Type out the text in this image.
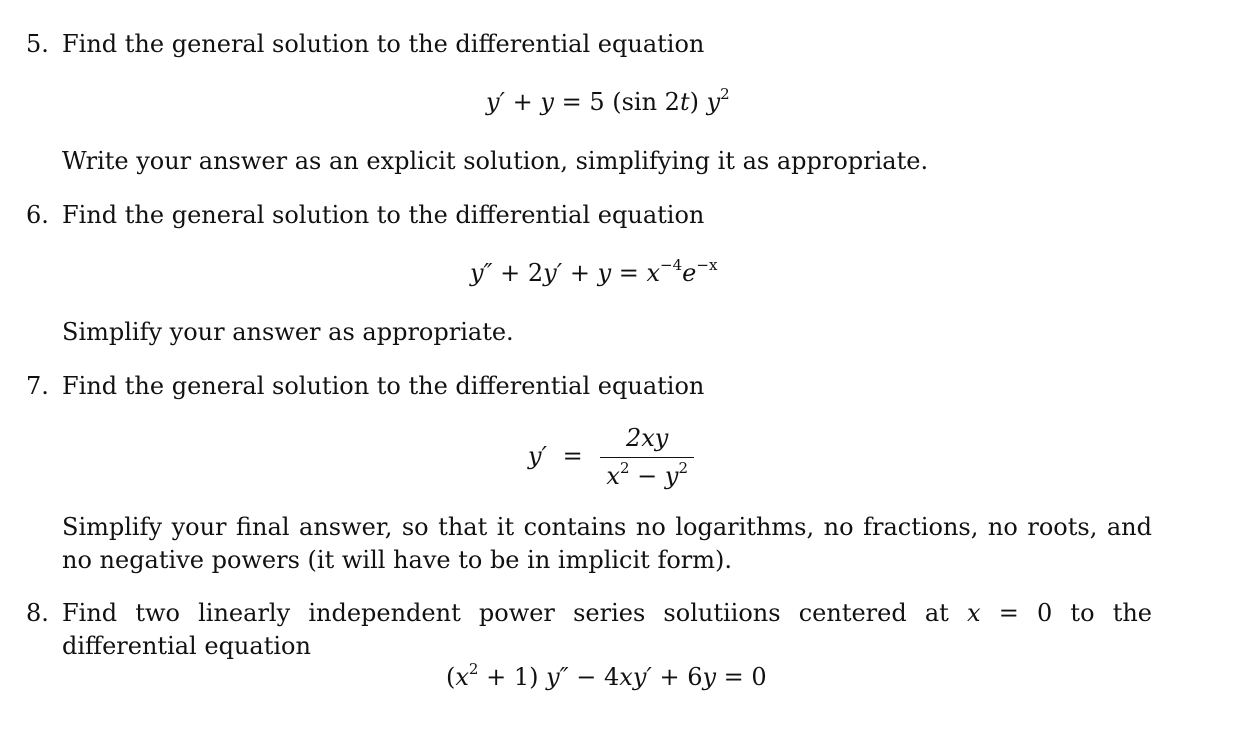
5. Find the general solution to the differential equation
y′ + y = 5 (sin 2t) $y^2$
Write your answer as an explicit solution, simplifying it as appropriate.
6. Find the general solution to the differential equation
$y'' + 2y' + y = x^{-4}e^{-x}$
Simplify your answer as appropriate.
7. Find the general solution to the differential equation
$y' = \frac{2xy}{x^2 - y^2}$
Simplify your final answer, so that it contains no logarithms, no fractions, no roots, and no negative powers (it will have to be in implicit form).
8. Find two linearly independent power series solutiions centered at x = 0 to the differential equation
$(x^2 + 1) y'' - 4xy' + 6y = 0$
